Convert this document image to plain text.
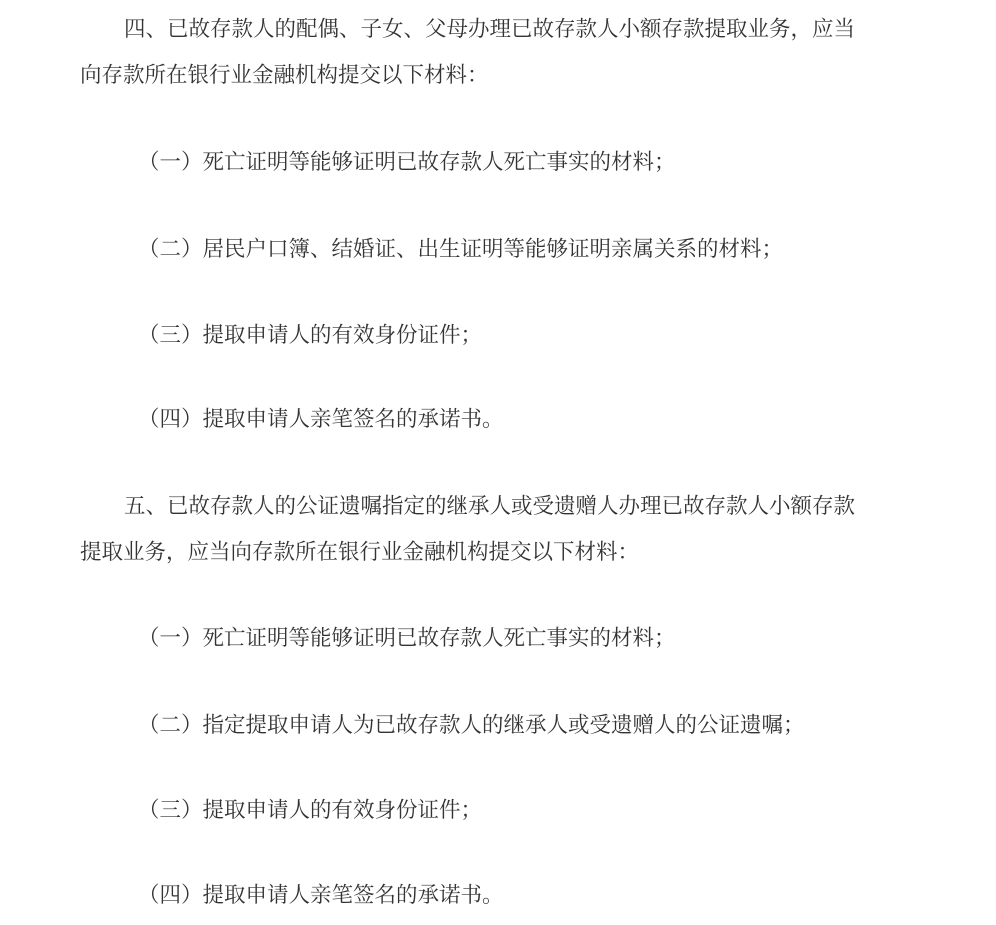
四、已故存款人的配偶、子女、父母办理已故存款人小额存款提取业务，应当
向存款所在银行业金融机构提交以下材料：
（一）死亡证明等能够证明已故存款人死亡事实的材料；
（二）居民户口簿、结婚证、出生证明等能够证明亲属关系的材料；
（三）提取申请人的有效身份证件；
（四）提取申请人亲笔签名的承诺书。
五、已故存款人的公证遗嘱指定的继承人或受遗赠人办理已故存款人小额存款
提取业务，应当向存款所在银行业金融机构提交以下材料：
（一）死亡证明等能够证明已故存款人死亡事实的材料；
（二）指定提取申请人为已故存款人的继承人或受遗赠人的公证遗嘱；
（三）提取申请人的有效身份证件；
（四）提取申请人亲笔签名的承诺书。
